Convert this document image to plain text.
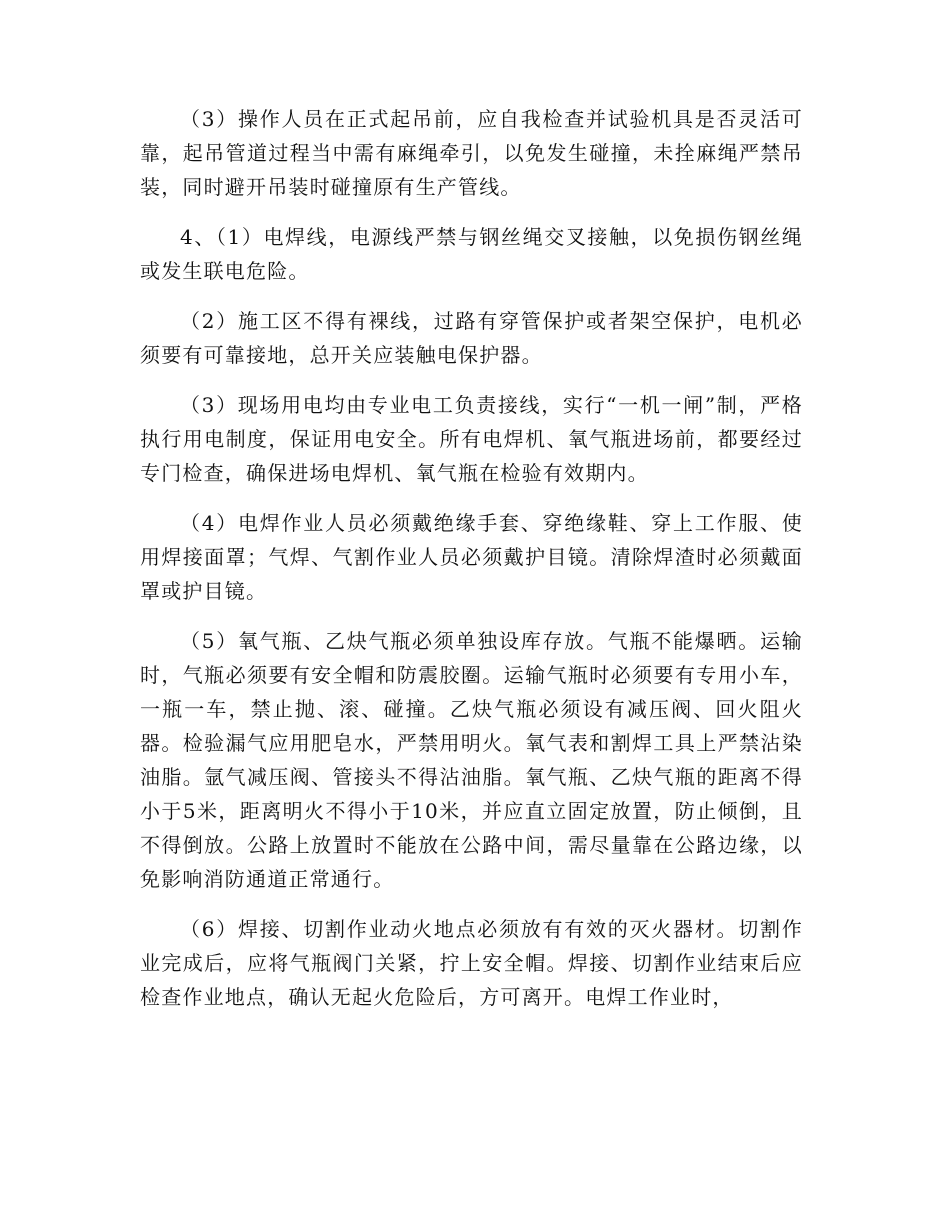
（3）操作人员在正式起吊前，应自我检查并试验机具是否灵活可靠，起吊管道过程当中需有麻绳牵引，以免发生碰撞，未拴麻绳严禁吊装，同时避开吊装时碰撞原有生产管线。

4、（1）电焊线，电源线严禁与钢丝绳交叉接触，以免损伤钢丝绳或发生联电危险。

（2）施工区不得有裸线，过路有穿管保护或者架空保护，电机必须要有可靠接地，总开关应装触电保护器。

（3）现场用电均由专业电工负责接线，实行“一机一闸”制，严格执行用电制度，保证用电安全。所有电焊机、氧气瓶进场前，都要经过专门检查，确保进场电焊机、氧气瓶在检验有效期内。

（4）电焊作业人员必须戴绝缘手套、穿绝缘鞋、穿上工作服、使用焊接面罩；气焊、气割作业人员必须戴护目镜。清除焊渣时必须戴面罩或护目镜。

（5）氧气瓶、乙炔气瓶必须单独设库存放。气瓶不能爆晒。运输时，气瓶必须要有安全帽和防震胶圈。运输气瓶时必须要有专用小车，一瓶一车，禁止抛、滚、碰撞。乙炔气瓶必须设有减压阀、回火阻火器。检验漏气应用肥皂水，严禁用明火。氧气表和割焊工具上严禁沾染油脂。氩气减压阀、管接头不得沾油脂。氧气瓶、乙炔气瓶的距离不得小于5米，距离明火不得小于10米，并应直立固定放置，防止倾倒，且不得倒放。公路上放置时不能放在公路中间，需尽量靠在公路边缘，以免影响消防通道正常通行。

（6）焊接、切割作业动火地点必须放有有效的灭火器材。切割作业完成后，应将气瓶阀门关紧，拧上安全帽。焊接、切割作业结束后应检查作业地点，确认无起火危险后，方可离开。电焊工作业时，
